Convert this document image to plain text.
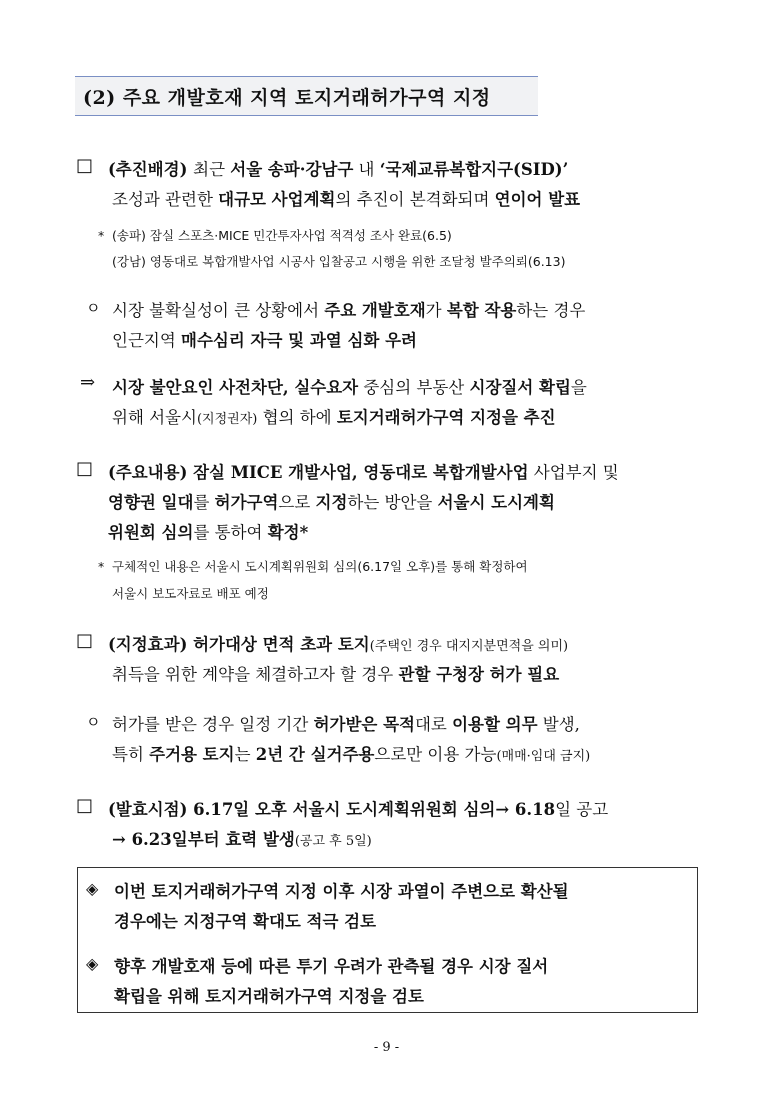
(2) 주요 개발호재 지역 토지거래허가구역 지정
□ (추진배경) 최근 서울 송파·강남구 내 ‘국제교류복합지구(SID)’
조성과 관련한 대규모 사업계획의 추진이 본격화되며 연이어 발표
* (송파) 잠실 스포츠·MICE 민간투자사업 적격성 조사 완료(6.5)
(강남) 영동대로 복합개발사업 시공사 입찰공고 시행을 위한 조달청 발주의뢰(6.13)
ㅇ 시장 불확실성이 큰 상황에서 주요 개발호재가 복합 작용하는 경우
인근지역 매수심리 자극 및 과열 심화 우려
⇒ 시장 불안요인 사전차단, 실수요자 중심의 부동산 시장질서 확립을
위해 서울시(지정권자) 협의 하에 토지거래허가구역 지정을 추진
□ (주요내용) 잠실 MICE 개발사업, 영동대로 복합개발사업 사업부지 및
영향권 일대를 허가구역으로 지정하는 방안을 서울시 도시계획
위원회 심의를 통하여 확정*
* 구체적인 내용은 서울시 도시계획위원회 심의(6.17일 오후)를 통해 확정하여
서울시 보도자료로 배포 예정
□ (지정효과) 허가대상 면적 초과 토지(주택인 경우 대지지분면적을 의미)
취득을 위한 계약을 체결하고자 할 경우 관할 구청장 허가 필요
ㅇ 허가를 받은 경우 일정 기간 허가받은 목적대로 이용할 의무 발생,
특히 주거용 토지는 2년 간 실거주용으로만 이용 가능(매매·임대 금지)
□ (발효시점) 6.17일 오후 서울시 도시계획위원회 심의→ 6.18일 공고
→ 6.23일부터 효력 발생(공고 후 5일)
◈ 이번 토지거래허가구역 지정 이후 시장 과열이 주변으로 확산될
경우에는 지정구역 확대도 적극 검토
◈ 향후 개발호재 등에 따른 투기 우려가 관측될 경우 시장 질서
확립을 위해 토지거래허가구역 지정을 검토
- 9 -
